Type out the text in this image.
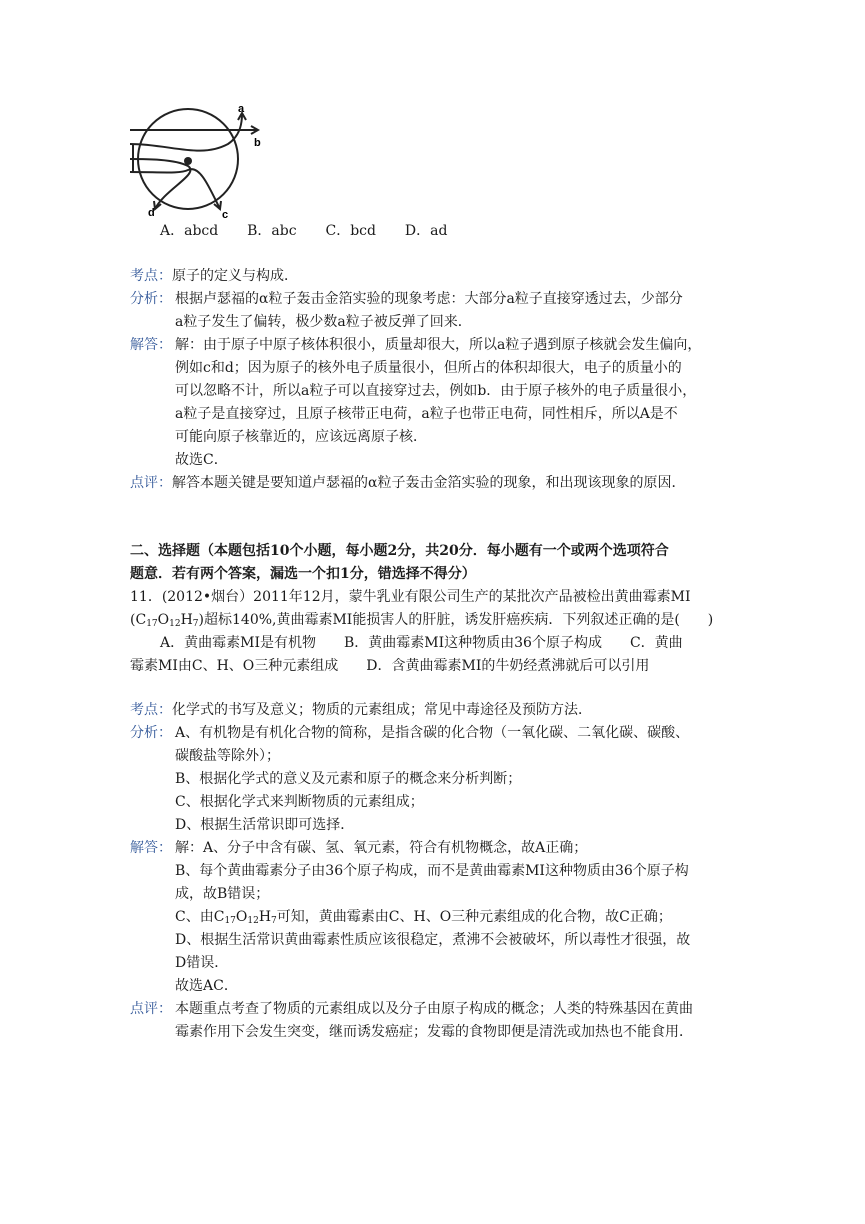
a
b
d	c
A．abcd B．abc C．bcd D．ad
考点：原子的定义与构成．
分析： 根据卢瑟福的α粒子轰击金箔实验的现象考虑：大部分a粒子直接穿透过去，少部分
a粒子发生了偏转，极少数a粒子被反弹了回来．
解答： 解：由于原子中原子核体积很小，质量却很大，所以a粒子遇到原子核就会发生偏向，
例如c和d；因为原子的核外电子质量很小，但所占的体积却很大，电子的质量小的
可以忽略不计，所以a粒子可以直接穿过去，例如b．由于原子核外的电子质量很小，
a粒子是直接穿过，且原子核带正电荷，a粒子也带正电荷，同性相斥，所以A是不
可能向原子核靠近的，应该远离原子核．
故选C．
点评：解答本题关键是要知道卢瑟福的α粒子轰击金箔实验的现象，和出现该现象的原因．
二、选择题（本题包括10个小题，每小题2分，共20分．每小题有一个或两个选项符合
题意．若有两个答案，漏选一个扣1分，错选择不得分）
11．(2012•烟台）2011年12月，蒙牛乳业有限公司生产的某批次产品被检出黄曲霉素MI
$(C_{17}O_{12}H_7)$超标140%,黄曲霉素MI能损害人的肝脏，诱发肝癌疾病．下列叙述正确的是(　　)
A．黄曲霉素MI是有机物　　B．黄曲霉素MI这种物质由36个原子构成　　C．黄曲
霉素MI由C、H、O三种元素组成　　D．含黄曲霉素MI的牛奶经煮沸就后可以引用
考点：化学式的书写及意义；物质的元素组成；常见中毒途径及预防方法．
分析： A、有机物是有机化合物的简称，是指含碳的化合物（一氧化碳、二氧化碳、碳酸、
碳酸盐等除外）；
B、根据化学式的意义及元素和原子的概念来分析判断；
C、根据化学式来判断物质的元素组成；
D、根据生活常识即可选择．
解答： 解：A、分子中含有碳、氢、氧元素，符合有机物概念，故A正确；
B、每个黄曲霉素分子由36个原子构成，而不是黄曲霉素MI这种物质由36个原子构
成，故B错误；
C、由$C_{17}O_{12}H_7$可知，黄曲霉素由C、H、O三种元素组成的化合物，故C正确；
D、根据生活常识黄曲霉素性质应该很稳定，煮沸不会被破坏，所以毒性才很强，故
D错误．
故选AC．
点评： 本题重点考查了物质的元素组成以及分子由原子构成的概念；人类的特殊基因在黄曲
霉素作用下会发生突变，继而诱发癌症；发霉的食物即便是清洗或加热也不能食用．
